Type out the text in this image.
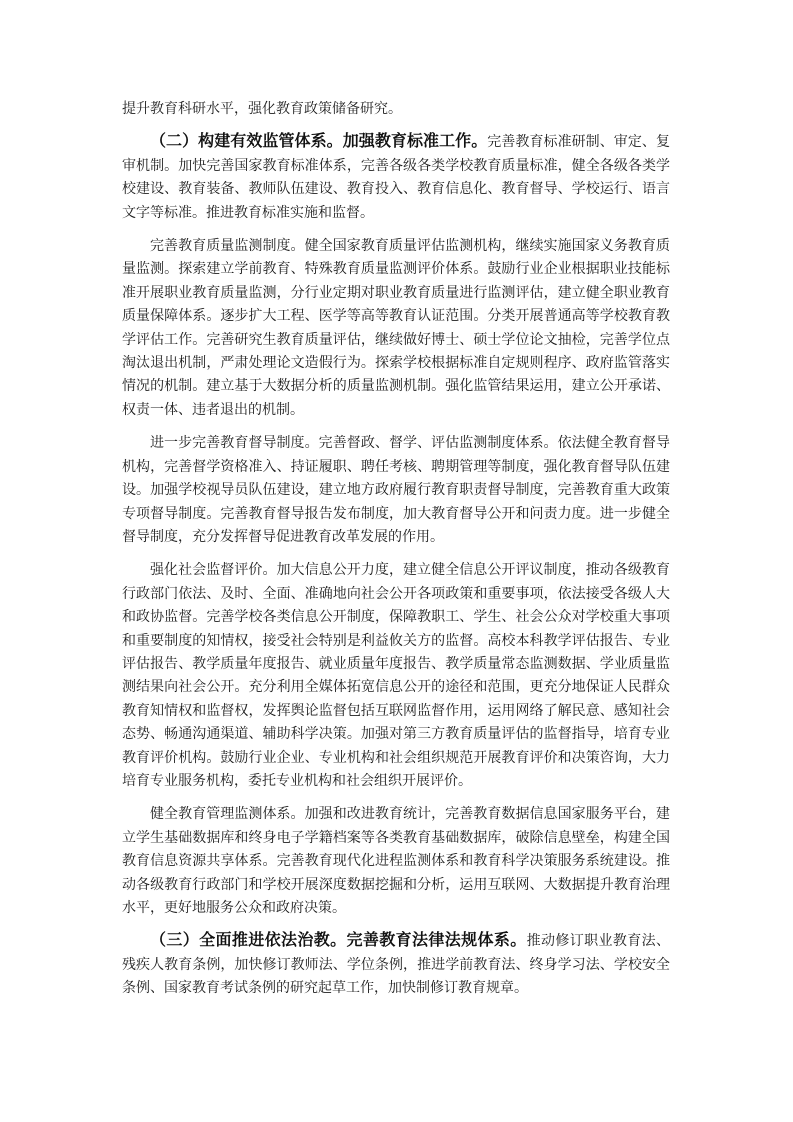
提升教育科研水平，强化教育政策储备研究。

（二）构建有效监管体系。加强教育标准工作。完善教育标准研制、审定、复审机制。加快完善国家教育标准体系，完善各级各类学校教育质量标准，健全各级各类学校建设、教育装备、教师队伍建设、教育投入、教育信息化、教育督导、学校运行、语言文字等标准。推进教育标准实施和监督。

完善教育质量监测制度。健全国家教育质量评估监测机构，继续实施国家义务教育质量监测。探索建立学前教育、特殊教育质量监测评价体系。鼓励行业企业根据职业技能标准开展职业教育质量监测，分行业定期对职业教育质量进行监测评估，建立健全职业教育质量保障体系。逐步扩大工程、医学等高等教育认证范围。分类开展普通高等学校教育教学评估工作。完善研究生教育质量评估，继续做好博士、硕士学位论文抽检，完善学位点淘汰退出机制，严肃处理论文造假行为。探索学校根据标准自定规则程序、政府监管落实情况的机制。建立基于大数据分析的质量监测机制。强化监管结果运用，建立公开承诺、权责一体、违者退出的机制。

进一步完善教育督导制度。完善督政、督学、评估监测制度体系。依法健全教育督导机构，完善督学资格准入、持证履职、聘任考核、聘期管理等制度，强化教育督导队伍建设。加强学校视导员队伍建设，建立地方政府履行教育职责督导制度，完善教育重大政策专项督导制度。完善教育督导报告发布制度，加大教育督导公开和问责力度。进一步健全督导制度，充分发挥督导促进教育改革发展的作用。

强化社会监督评价。加大信息公开力度，建立健全信息公开评议制度，推动各级教育行政部门依法、及时、全面、准确地向社会公开各项政策和重要事项，依法接受各级人大和政协监督。完善学校各类信息公开制度，保障教职工、学生、社会公众对学校重大事项和重要制度的知情权，接受社会特别是利益攸关方的监督。高校本科教学评估报告、专业评估报告、教学质量年度报告、就业质量年度报告、教学质量常态监测数据、学业质量监测结果向社会公开。充分利用全媒体拓宽信息公开的途径和范围，更充分地保证人民群众教育知情权和监督权，发挥舆论监督包括互联网监督作用，运用网络了解民意、感知社会态势、畅通沟通渠道、辅助科学决策。加强对第三方教育质量评估的监督指导，培育专业教育评价机构。鼓励行业企业、专业机构和社会组织规范开展教育评价和决策咨询，大力培育专业服务机构，委托专业机构和社会组织开展评价。

健全教育管理监测体系。加强和改进教育统计，完善教育数据信息国家服务平台，建立学生基础数据库和终身电子学籍档案等各类教育基础数据库，破除信息壁垒，构建全国教育信息资源共享体系。完善教育现代化进程监测体系和教育科学决策服务系统建设。推动各级教育行政部门和学校开展深度数据挖掘和分析，运用互联网、大数据提升教育治理水平，更好地服务公众和政府决策。

（三）全面推进依法治教。完善教育法律法规体系。推动修订职业教育法、残疾人教育条例，加快修订教师法、学位条例，推进学前教育法、终身学习法、学校安全条例、国家教育考试条例的研究起草工作，加快制修订教育规章。
